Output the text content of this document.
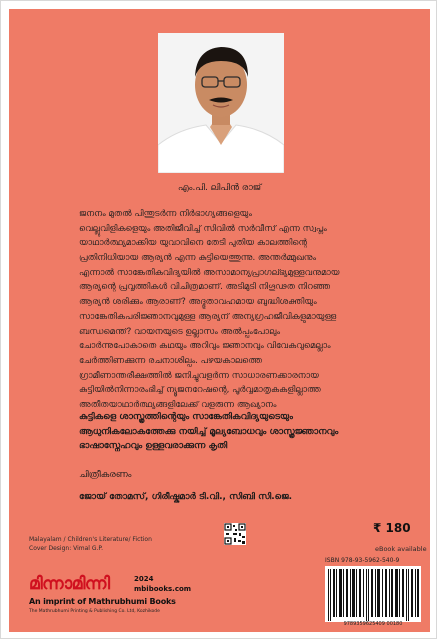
എം.പി. ലിപിൻ രാജ്
ജനനം മുതൽ പിന്തുടർന്ന നിർഭാഗ്യങ്ങളെയും
വെല്ലുവിളികളെയും അതിജീവിച്ച് സിവിൽ സർവീസ് എന്ന സ്വപ്നം
യാഥാർത്ഥ്യമാക്കിയ യുവാവിനെ തേടി പുതിയ കാലത്തിന്റെ
പ്രതിനിധിയായ ആര്യൻ എന്ന കുട്ടിയെത്തുന്നു. അന്തർമ്മുഖനും
എന്നാൽ സാങ്കേതികവിദ്യയിൽ അസാമാന്യപ്രാഗല്ഭ്യമുള്ളവനുമായ
ആര്യന്റെ പ്രവൃത്തികൾ വിചിത്രമാണ്. അടിമുടി നിഗൂഢത നിറഞ്ഞ
ആര്യൻ ശരിക്കും ആരാണ്? അദ്ഭുതാവഹമായ ബുദ്ധിശക്തിയും
സാങ്കേതികപരിജ്ഞാനവുമുള്ള ആര്യന് അന്യഗ്രഹജീവികളുമായുള്ള
ബന്ധമെന്ത്? വായനയുടെ ഉല്ലാസം അൽപ്പംപോലും
ചോർന്നുപോകാതെ കഥയും അറിവും ജ്ഞാനവും വിവേകവുമെല്ലാം
ചേർത്തിണക്കുന്ന രചനാശില്പം. പഴയകാലത്തെ
ഗ്രാമീണാന്തരീക്ഷത്തിൽ ജനിച്ചുവളർന്ന സാധാരണക്കാരനായ
കുട്ടിയിൽനിന്നാരംഭിച്ച് ന്യൂജനറേഷന്റെ, പൂർവ്വമാതൃകകളില്ലാത്ത
അതീതയാഥാർത്ഥ്യങ്ങളിലേക്ക് വളരുന്ന ആഖ്യാനം
കുട്ടികളെ ശാസ്ത്രത്തിന്റെയും സാങ്കേതികവിദ്യയുടെയും
ആധുനികലോകത്തേക്കു നയിച്ച് മൂല്യബോധവും ശാസ്ത്രജ്ഞാനവും
ഭാഷാസ്നേഹവും ഉള്ളവരാക്കുന്ന കൃതി
ചിത്രീകരണം
ജോയ് തോമസ്, ഗിരീഷ്കുമാർ ടി.വി., സിബി സി.ജെ.
Malayalam / Children's Literature/ Fiction
Cover Design: Vimal G.P.
₹ 180
eBook available
ISBN 978-93-5962-540-9
9789359625409 00180
മിന്നാമിന്നി	2024
mbibooks.com
An imprint of Mathrubhumi Books
The Mathrubhumi Printing & Publishing Co. Ltd, Kozhikode
